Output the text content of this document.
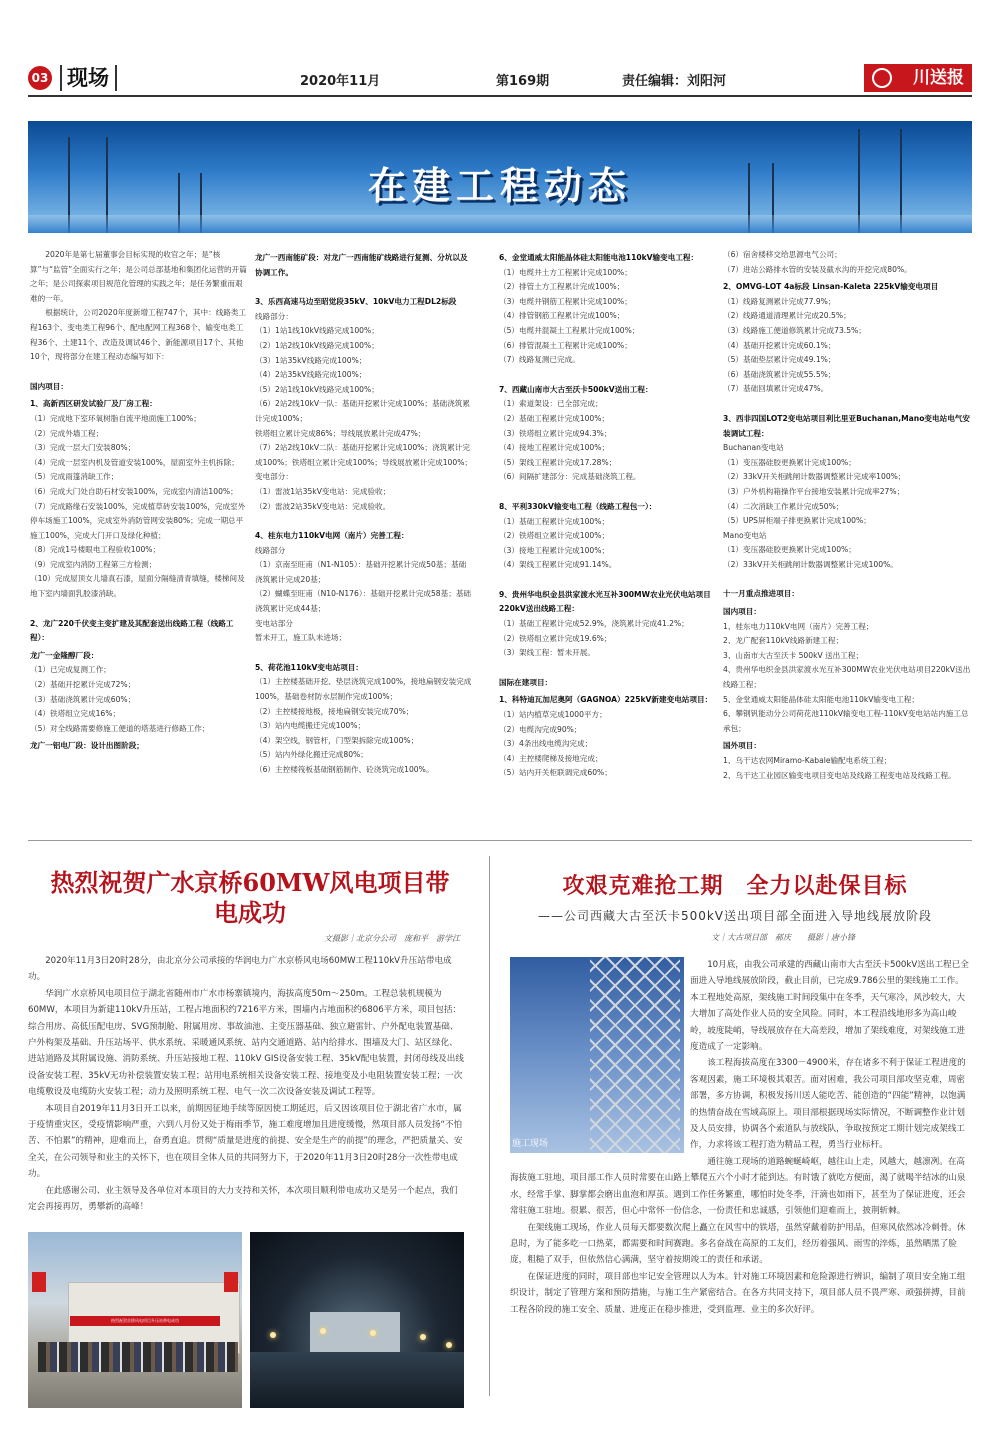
03 现场	2020年11月	第169期	责任编辑：刘阳河	川送报
在建工程动态

2020年是第七届董事会目标实现的收官之年；是“核算”与“监管”全面实行之年；是公司总部基地和集团化运营的开篇之年；是公司探索项目规范化管理的实践之年；是任务繁重而艰难的一年。

根据统计，公司2020年度新增工程747个，其中：线路类工程163个、变电类工程96个、配电配网工程368个、输变电类工程36个、土建11个、改造及调试46个、新能源项目17个、其他10个，现将部分在建工程动态编写如下：

国内项目：

1、高新西区研发试验厂及厂房工程：

（1）完成地下室环氧树脂自流平地面施工100%；

（2）完成外墙工程；

（3）完成一层大门安装80%；

（4）完成一层室内机及管道安装100%，屋面室外主机拆除；

（5）完成雨篷消缺工作；

（6）完成大门处自助石材安装100%，完成室内清洁100%；

（7）完成路缘石安装100%，完成植草砖安装100%，完成室外停车场施工100%，完成室外消防管网安装80%；完成一期总平施工100%，完成大门开口及绿化种植；

（8）完成1号楼眼电工程验收100%；

（9）完成室内消防工程第三方检测；

（10）完成屋顶女儿墙真石漆，屋面分隔缝清青填缝，楼梯间及地下室内墙面乳胶漆消缺。

2、龙广220千伏变主变扩建及其配套送出线路工程（线路工程）：

龙广一金隆醇厂段：

（1）已完成复测工作；

（2）基础开挖累计完成72%；

（3）基础浇筑累计完成60%；

（4）铁塔组立完成16%；

（5）对全线路需要修施工便道的塔基进行修路工作；

龙广一铝电厂段：设计出图阶段；

龙广一西南能矿段：对龙广一西南能矿线路进行复测、分坑以及协调工作。

3、乐西高速马边至昭觉段35kV、10kV电力工程DL2标段

线路部分：

（1）1站1线10kV线路完成100%；

（2）1站2线10kV线路完成100%；

（3）1站35kV线路完成100%；

（4）2站35kV线路完成100%；

（5）2站1线10kV线路完成100%；

（6）2站2线10kV一队：基础开挖累计完成100%；基础浇筑累计完成100%；

铁塔组立累计完成86%；导线展放累计完成47%；

（7）2站2线10kV二队：基础开挖累计完成100%；浇筑累计完成100%；铁塔组立累计完成100%；导线展放累计完成100%；

变电部分：

（1）雷波1站35kV变电站：完成验收；

（2）雷波2站35kV变电站：完成验收。

4、桂东电力110kV电网（南片）完善工程：

线路部分

（1）京南至旺甫（N1-N105）：基础开挖累计完成50基；基础浇筑累计完成20基；

（2）蝴蝶至旺甫（N10-N176）：基础开挖累计完成58基；基础浇筑累计完成44基；

变电站部分

暂未开工，施工队未进场；

5、荷花池110kV变电站项目：

（1）主控楼基础开挖、垫层浇筑完成100%，接地扁钢安装完成100%，基础卷材防水层制作完成100%；

（2）主控楼接地极，接地扁钢安装完成70%；

（3）站内电缆搬迁完成100%；

（4）架空线，钢管杆，门型架拆除完成100%；

（5）站内外绿化搬迁完成80%；

（6）主控楼筏板基础钢筋制作、砼浇筑完成100%。

6、金堂通威太阳能晶体硅太阳能电池110kV输变电工程：

（1）电缆井土方工程累计完成100%；

（2）排管土方工程累计完成100%；

（3）电缆井钢筋工程累计完成100%；

（4）排管钢筋工程累计完成100%；

（5）电缆井混凝土工程累计完成100%；

（6）排管混凝土工程累计完成100%；

（7）线路复测已完成。

7、西藏山南市大古至沃卡500kV送出工程：

（1）索道架设：已全部完成；

（2）基础工程累计完成100%；

（3）铁塔组立累计完成94.3%；

（4）接地工程累计完成100%；

（5）架线工程累计完成17.28%；

（6）间隔扩建部分：完成基础浇筑工程。

8、平利330kV输变电工程（线路工程包一）：

（1）基础工程累计完成100%；

（2）铁塔组立累计完成100%；

（3）接地工程累计完成100%；

（4）架线工程累计完成91.14%。

9、贵州华电织金县洪家渡水光互补300MW农业光伏电站项目220kV送出线路工程：

（1）基础工程累计完成52.9%，浇筑累计完成41.2%；

（2）铁塔组立累计完成19.6%；

（3）架线工程：暂未开展。

国际在建项目：

1、科特迪瓦加尼奥阿（GAGNOA）225kV新建变电站项目：

（1）站内植草完成1000平方；

（2）电缆沟完成90%；

（3）4条出线电缆沟完成；

（4）主控楼爬梯及接地完成；

（5）站内开关柜联调完成60%；

（6）宿舍楼移交给思源电气公司；

（7）进站公路排水管的安装及截水沟的开挖完成80%。

2、OMVG-LOT 4a标段 Linsan-Kaleta 225kV输变电项目

（1）线路复测累计完成77.9%；

（2）线路通道清理累计完成20.5%；

（3）线路施工便道修筑累计完成73.5%；

（4）基础开挖累计完成60.1%；

（5）基础垫层累计完成49.1%；

（6）基础浇筑累计完成55.5%；

（7）基础回填累计完成47%。

3、西非四国LOT2变电站项目利比里亚Buchanan,Mano变电站电气安装调试工程：

Buchanan变电站

（1）变压器硅胶更换累计完成100%；

（2）33kV开关柜跳闸计数器调整累计完成率100%；

（3）户外机构箱操作平台接地安装累计完成率27%；

（4）二次消缺工作累计完成50%；

（5）UPS屏柜端子排更换累计完成100%；

Mano变电站

（1）变压器硅胶更换累计完成100%；

（2）33kV开关柜跳闸计数器调整累计完成100%。

十一月重点推进项目：

国内项目：

1、桂东电力110kV电网（南片）完善工程；

2、龙广配套110kV线路新建工程；

3、山南市大古至沃卡 500kV 送出工程；

4、贵州华电织金县洪家渡水光互补300MW农业光伏电站项目220kV送出线路工程；

5、金堂通威太阳能晶体硅太阳能电池110kV输变电工程；

6、攀钢钒能动分公司荷花池110kV输变电工程-110kV变电站站内施工总承包；

国外项目：

1、乌干达农网Miramo-Kabale输配电系统工程；

2、乌干达工业园区输变电项目变电站及线路工程变电站及线路工程。

热烈祝贺广水京桥60MW风电项目带电成功
文摄影｜北京分公司　庞和平　游学江

2020年11月3日20时28分，由北京分公司承接的华润电力广水京桥风电场60MW工程110kV升压站带电成功。

华润广水京桥风电项目位于湖北省随州市广水市杨寨镇境内，海拔高度50m～250m。工程总装机规模为60MW，本项目为新建110kV升压站，工程占地面积约7216平方米，围墙内占地面积约6806平方米，项目包括：综合用房、高低压配电房、SVG预制舱、附属用房、事故油池、主变压器基础、独立避雷针、户外配电装置基础、户外构架及基础、升压站场平、供水系统、采暖通风系统、站内交通道路、站内给排水、围墙及大门、站区绿化、进站道路及其附属设施、消防系统、升压站接地工程、110kV GIS设备安装工程、35kV配电装置，封闭母线及出线设备安装工程、35kV无功补偿装置安装工程；站用电系统相关设备安装工程、接地变及小电阻装置安装工程；一次电缆敷设及电缆防火安装工程；动力及照明系统工程、电气一次二次设备安装及调试工程等。

本项目自2019年11月3日开工以来，前期因征地手续等原因使工期延迟，后又因该项目位于湖北省广水市，属于疫情重灾区，受疫情影响严重，六到八月份又处于梅雨季节，施工难度增加且进度缓慢，然项目部人员发扬“不怕苦、不怕累”的精神，迎难而上，奋勇直追。贯彻“质量是进度的前提、安全是生产的前提”的理念，严把质量关、安全关，在公司领导和业主的关怀下，也在项目全体人员的共同努力下，于2020年11月3日20时28分一次性带电成功。

在此感谢公司、业主领导及各单位对本项目的大力支持和关怀，本次项目顺利带电成功又是另一个起点，我们定会再接再厉，勇攀新的高峰！

热烈祝贺京桥风电项目升压站带电成功
攻艰克难抢工期　全力以赴保目标
——公司西藏大古至沃卡500kV送出项目部全面进入导地线展放阶段
文｜大古项目部　郝庆　　摄影｜唐小锋

10月底，由我公司承建的西藏山南市大古至沃卡500kV送出工程已全面进入导地线展放阶段，截止目前，已完成9.786公里的架线施工工作。本工程地处高原，架线施工时间段集中在冬季，天气寒冷，风沙较大，大大增加了高处作业人员的安全风险。同时，本工程沿线地形多为高山峻岭，坡度陡峭，导线展放存在大高差段，增加了架线难度，对架线施工进度造成了一定影响。

该工程海拔高度在3300－4900米，存在诸多不利于保证工程进度的客观因素，施工环境极其艰苦。面对困难，我公司项目部攻坚克难，周密部署，多方协调，积极发扬川送人能吃苦、能创造的“四能”精神，以饱满的热情奋战在雪域高原上。项目部根据现场实际情况，不断调整作业计划及人员安排，协调各个索道队与放线队，争取按预定工期计划完成架线工作，力求将该工程打造为精品工程，勇当行业标杆。

通往施工现场的道路蜿蜒崎岖，越往山上走，风越大，越凛冽。在高海拔施工驻地，项目部工作人员时常要在山路上攀爬五六个小时才能到达。有时饿了就吃方便面，渴了就喝半结冰的山泉水，经常手掌、脚掌都会磨出血泡和厚茧。遇到工作任务繁重，哪怕时处冬季，汗滴也如雨下，甚至为了保证进度，还会常驻施工驻地。很累、很苦，但心中常怀一份信念，一份责任和忠诚感，引领他们迎难而上，披荆斩棘。

在架线施工现场，作业人员每天都要数次爬上矗立在风雪中的铁塔，虽然穿戴着防护用品，但寒风依然冰冷刺骨。休息时，为了能多吃一口热菜，都需要和时间赛跑。多名奋战在高原的工友们，经历着强风、雨雪的淬炼，虽然晒黑了脸庞，粗糙了双手，但依然信心满满，坚守着按期竣工的责任和承诺。

在保证进度的同时，项目部也牢记安全管理以人为本。针对施工环境因素和危险源进行辨识，编制了项目安全施工组织设计，制定了管理方案和预防措施，与施工生产紧密结合。在各方共同支持下，项目部人员不畏严寒、顽强拼搏，目前工程各阶段的施工安全、质量、进度正在稳步推进，受到监理、业主的多次好评。

施工现场
